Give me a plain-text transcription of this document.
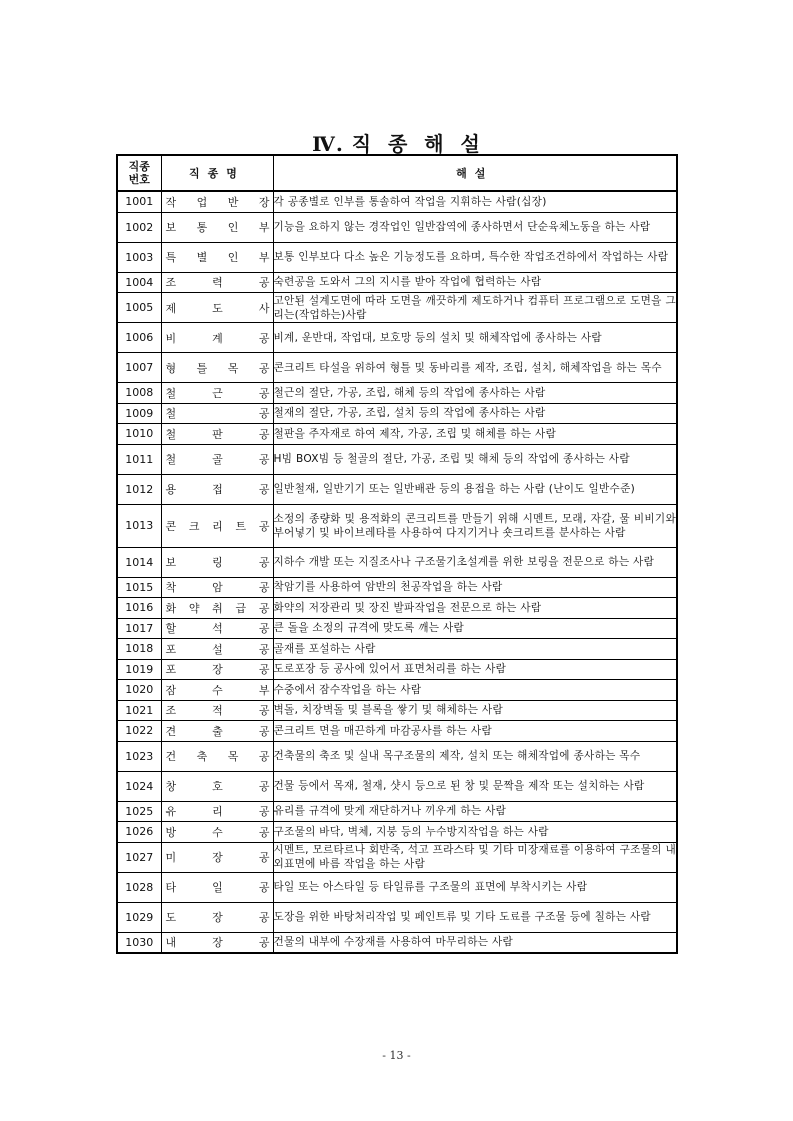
Ⅳ. 직  종  해  설
직종
번호	직종명	해설
1001	작 업 반 장	각 공종별로 인부를 통솔하여 작업을 지휘하는 사람(십장)
1002	보 통 인 부	기능을 요하지 않는 경작업인 일반잡역에 종사하면서 단순육체노동을 하는 사람
1003	특 별 인 부	보통 인부보다 다소 높은 기능정도를 요하며, 특수한 작업조건하에서 작업하는 사람
1004	조 력 공	숙련공을 도와서 그의 지시를 받아 작업에 협력하는 사람
1005	제 도 사	고안된 설계도면에 따라 도면을 깨끗하게 제도하거나 컴퓨터 프로그램으로 도면을 그리는(작업하는)사람
1006	비 계 공	비계, 운반대, 작업대, 보호망 등의 설치 및 해체작업에 종사하는 사람
1007	형 틀 목 공	콘크리트 타설을 위하여 형틀 및 동바리를 제작, 조립, 설치, 해체작업을 하는 목수
1008	철 근 공	철근의 절단, 가공, 조립, 해체 등의 작업에 종사하는 사람
1009	철 공	철재의 절단, 가공, 조립, 설치 등의 작업에 종사하는 사람
1010	철 판 공	철판을 주자재로 하여 제작, 가공, 조립 및 해체를 하는 사람
1011	철 골 공	H빔 BOX빔 등 철골의 절단, 가공, 조립 및 해체 등의 작업에 종사하는 사람
1012	용 접 공	일반철재, 일반기기 또는 일반배관 등의 용접을 하는 사람 (난이도 일반수준)
1013	콘 크 리 트 공	소정의 종량화 및 용적화의 콘크리트를 만들기 위해 시멘트, 모래, 자갈, 물 비비기와 부어넣기 및 바이브레타를 사용하여 다지기거나 숏크리트를 분사하는 사람
1014	보 링 공	지하수 개발 또는 지질조사나 구조물기초설계를 위한 보링을 전문으로 하는 사람
1015	착 암 공	착암기를 사용하여 암반의 천공작업을 하는 사람
1016	화 약 취 급 공	화약의 저장관리 및 장진 발파작업을 전문으로 하는 사람
1017	할 석 공	큰 돌을 소정의 규격에 맞도록 깨는 사람
1018	포 설 공	골재를 포설하는 사람
1019	포 장 공	도로포장 등 공사에 있어서 표면처리를 하는 사람
1020	잠 수 부	수중에서 잠수작업을 하는 사람
1021	조 적 공	벽돌, 치장벽돌 및 블록을 쌓기 및 해체하는 사람
1022	견 출 공	콘크리트 면을 매끈하게 마감공사를 하는 사람
1023	건 축 목 공	건축물의 축조 및 실내 목구조물의 제작, 설치 또는 해체작업에 종사하는 목수
1024	창 호 공	건물 등에서 목재, 철재, 샷시 등으로 된 창 및 문짝을 제작 또는 설치하는 사람
1025	유 리 공	유리를 규격에 맞게 재단하거나 끼우게 하는 사람
1026	방 수 공	구조물의 바닥, 벽체, 지붕 등의 누수방지작업을 하는 사람
1027	미 장 공	시멘트, 모르타르나 회반죽, 석고 프라스타 및 기타 미장재료를 이용하여 구조물의 내외표면에 바름 작업을 하는 사람
1028	타 일 공	타일 또는 아스타일 등 타일류를 구조물의 표면에 부착시키는 사람
1029	도 장 공	도장을 위한 바탕처리작업 및 페인트류 및 기타 도료를 구조물 등에 칠하는 사람
1030	내 장 공	건물의 내부에 수장재를 사용하여 마무리하는 사람
- 13 -
